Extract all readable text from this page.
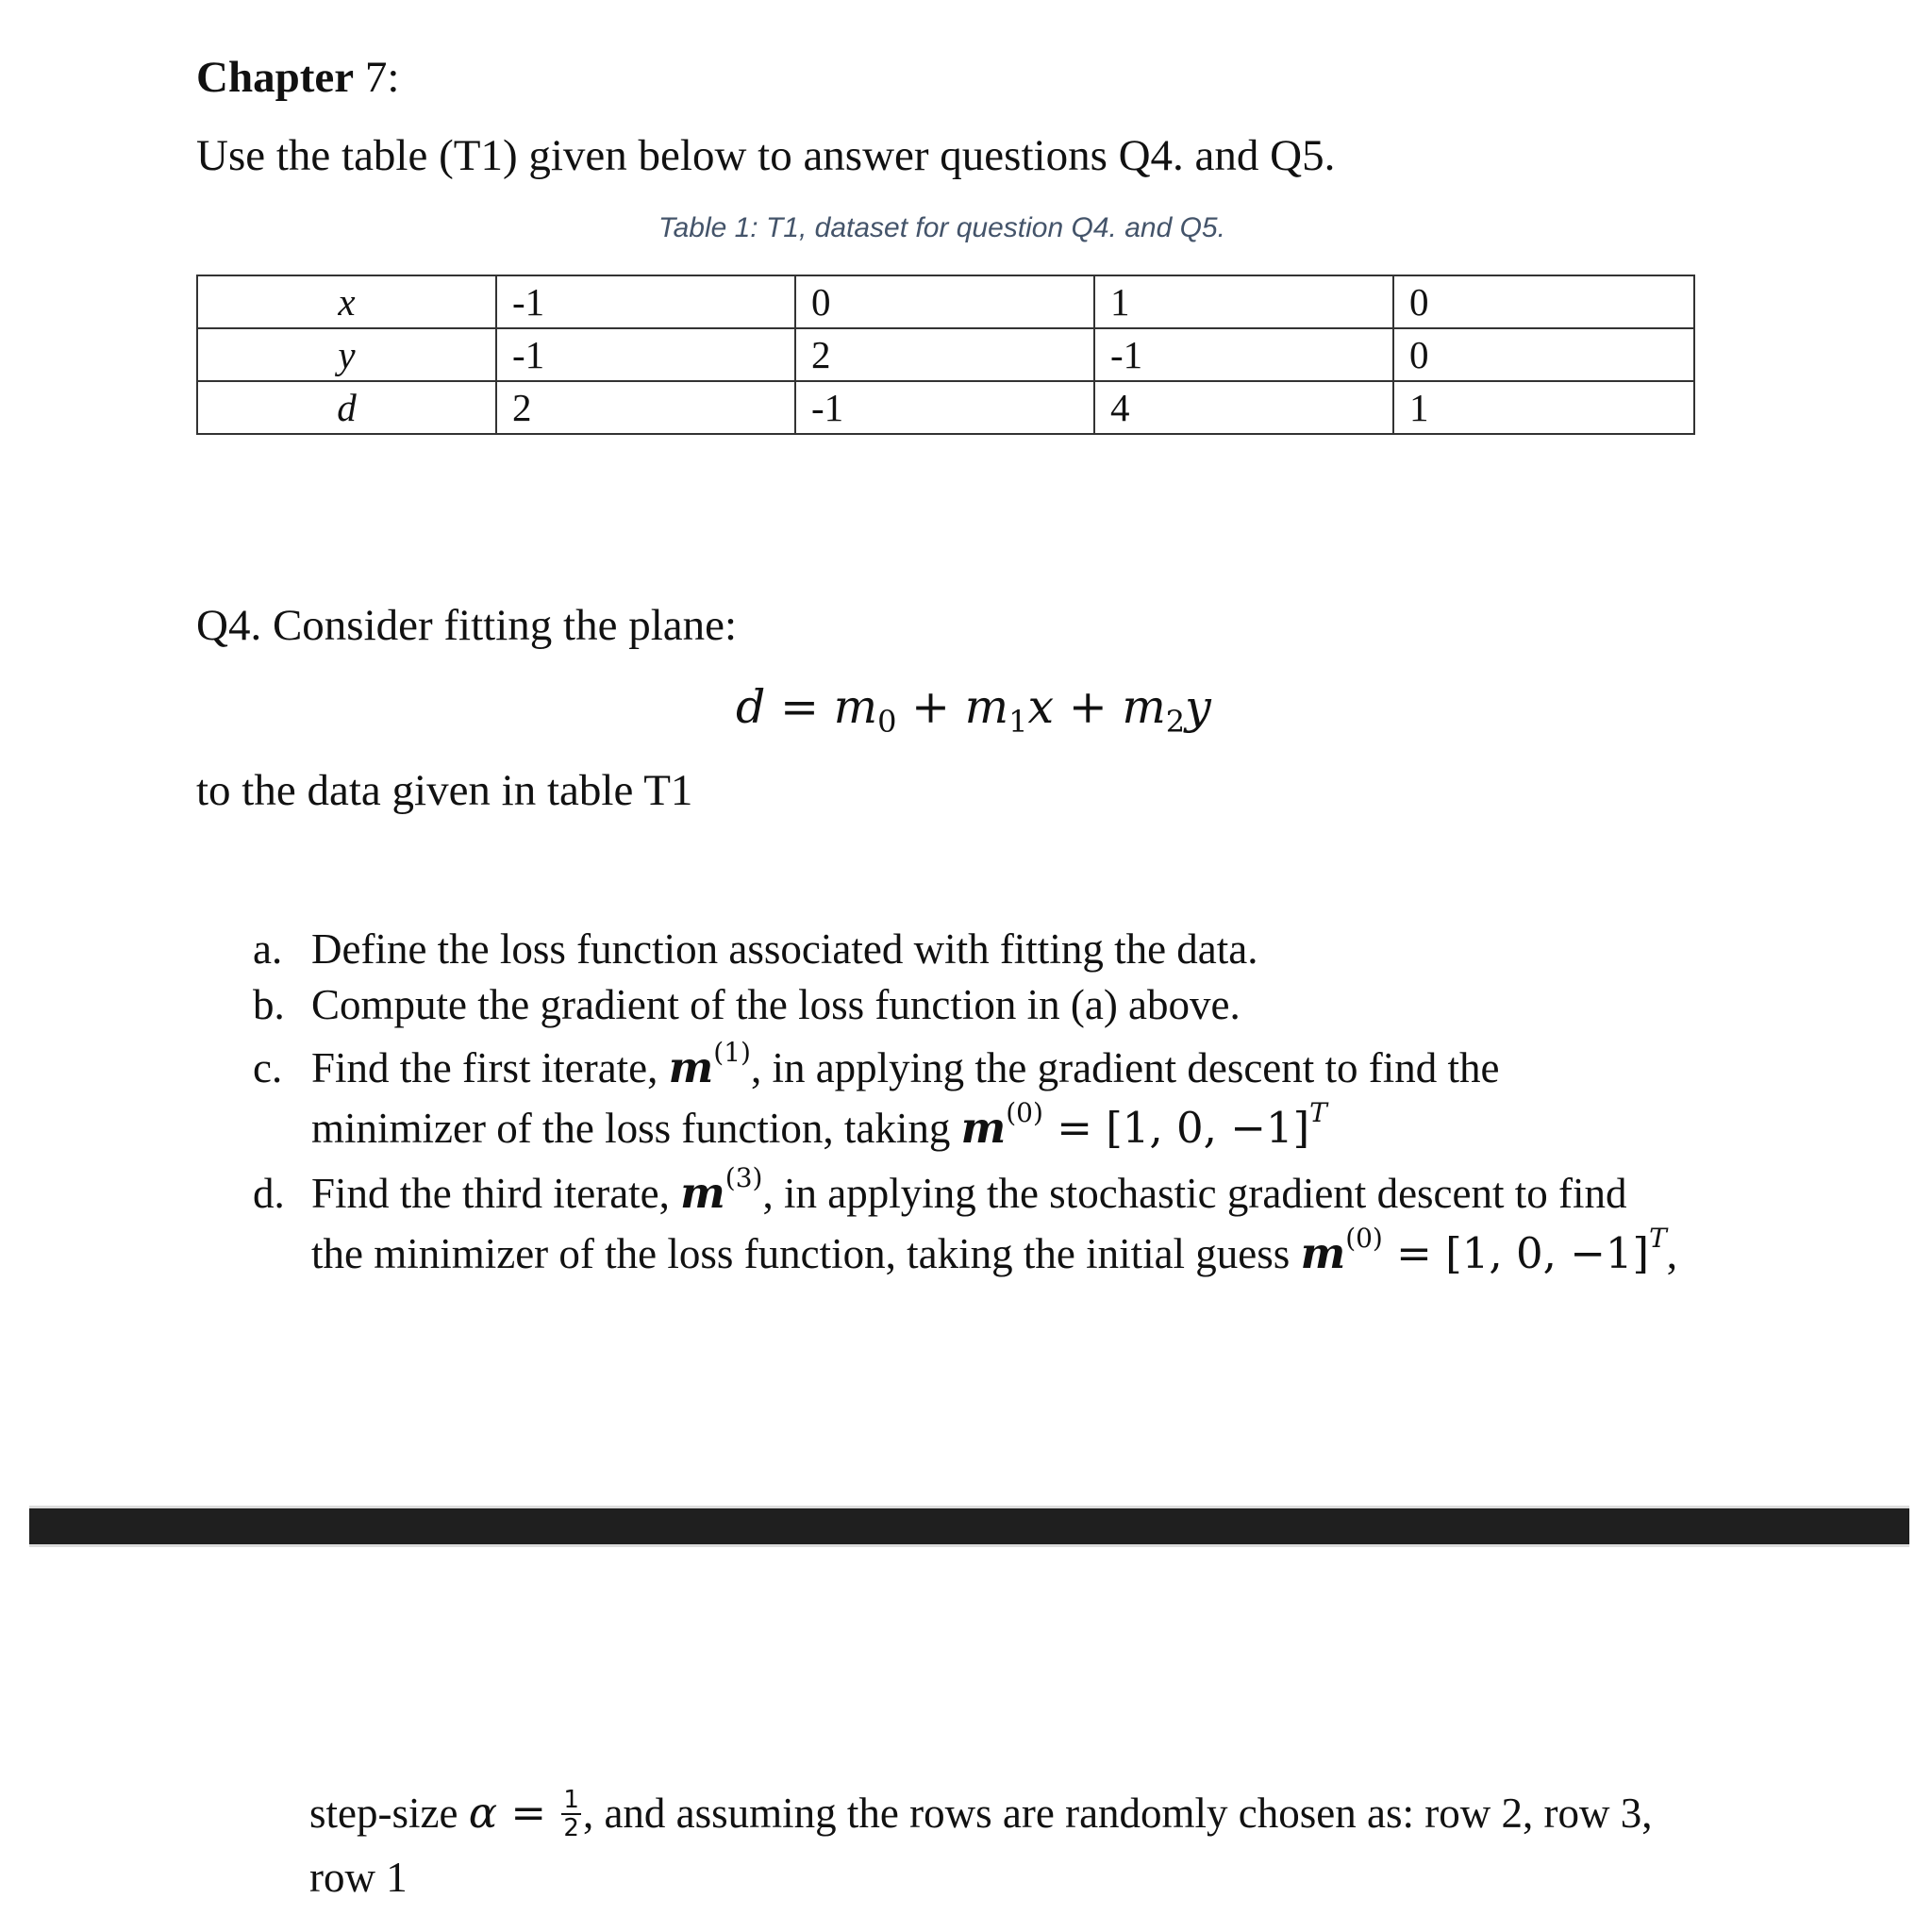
Chapter 7:
Use the table (T1) given below to answer questions Q4. and Q5.
Table 1: T1, dataset for question Q4. and Q5.
x	-1	0	1	0
y	-1	2	-1	0
d	2	-1	4	1
Q4. Consider fitting the plane:
$d = m_0 + m_1x + m_2y$
to the data given in table T1
a. Define the loss function associated with fitting the data.
b. Compute the gradient of the loss function in (a) above.
c. Find the first iterate, $m^{(1)}$, in applying the gradient descent to find the
minimizer of the loss function, taking $m^{(0)} = [1$, 0, −1]$^T$
d. Find the third iterate, $m^{(3)}$, in applying the stochastic gradient descent to find
the minimizer of the loss function, taking the initial guess $m^{(0)} = [1$, 0, −1]$^T$,
step-size $\alpha = \frac{1}{2}$ , and assuming the rows are randomly chosen as: row 2, row 3,
row 1
